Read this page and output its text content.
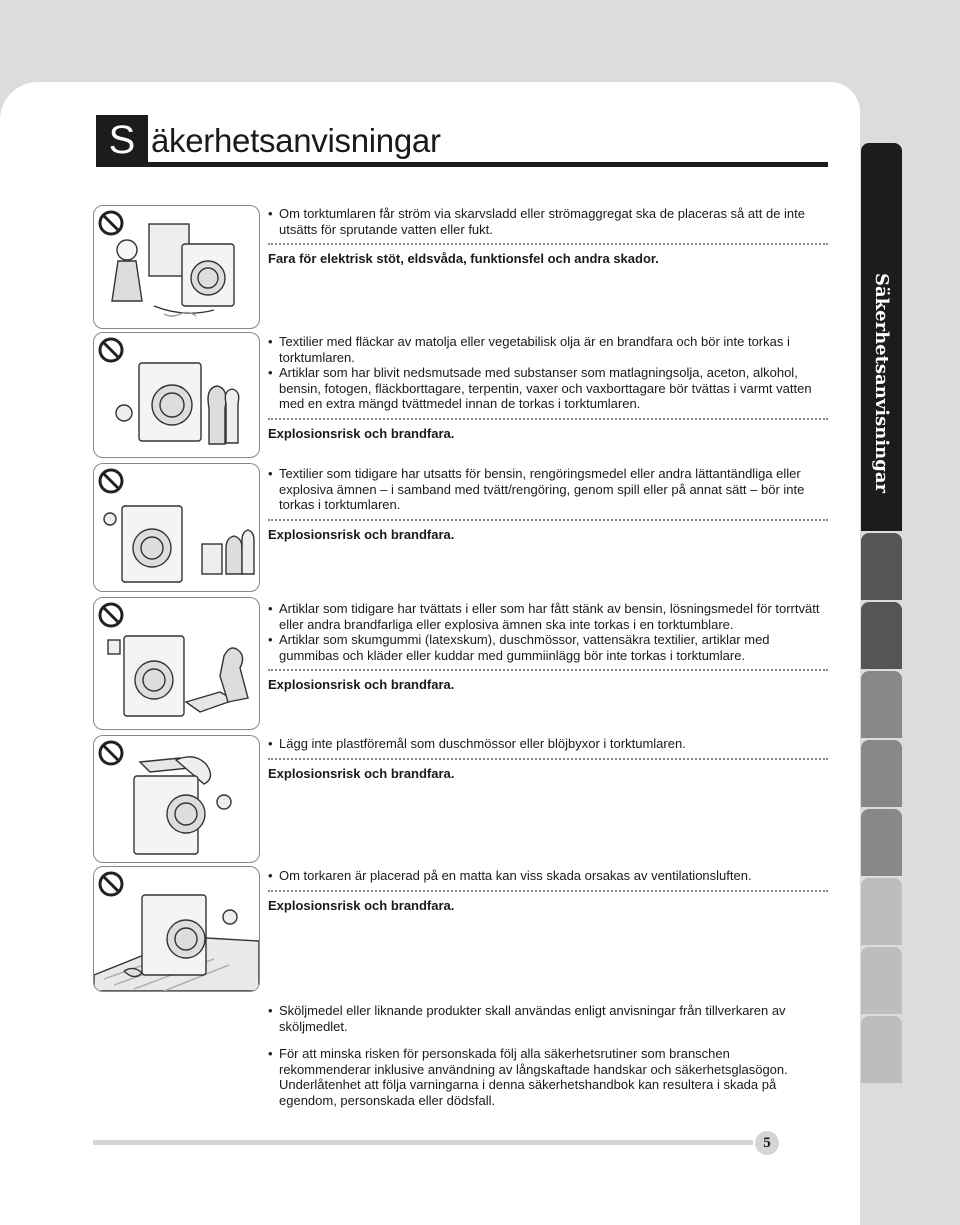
S äkerhetsanvisningar

• Om torktumlaren får ström via skarvsladd eller strömaggregat ska de placeras så att de inte utsätts för sprutande vatten eller fukt.

Fara för elektrisk stöt, eldsvåda, funktionsfel och andra skador.

• Textilier med fläckar av matolja eller vegetabilisk olja är en brandfara och bör inte torkas i torktumlaren.

• Artiklar som har blivit nedsmutsade med substanser som matlagningsolja, aceton, alkohol, bensin, fotogen, fläckborttagare, terpentin, vaxer och vaxborttagare bör tvättas i varmt vatten med en extra mängd tvättmedel innan de torkas i torktumlaren.

Explosionsrisk och brandfara.

• Textilier som tidigare har utsatts för bensin, rengöringsmedel eller andra lättantändliga eller explosiva ämnen – i samband med tvätt/rengöring, genom spill eller på annat sätt – bör inte torkas i torktumlaren.

Explosionsrisk och brandfara.

• Artiklar som tidigare har tvättats i eller som har fått stänk av bensin, lösningsmedel för torrtvätt eller andra brandfarliga eller explosiva ämnen ska inte torkas i en torktumblare.

• Artiklar som skumgummi (latexskum), duschmössor, vattensäkra textilier, artiklar med gummibas och kläder eller kuddar med gummiinlägg bör inte torkas i torktumlare.

Explosionsrisk och brandfara.

• Lägg inte plastföremål som duschmössor eller blöjbyxor i torktumlaren.

Explosionsrisk och brandfara.

• Om torkaren är placerad på en matta kan viss skada orsakas av ventilationsluften.

Explosionsrisk och brandfara.

• Sköljmedel eller liknande produkter skall användas enligt anvisningar från tillverkaren av sköljmedlet.

• För att minska risken för personskada följ alla säkerhetsrutiner som branschen rekommenderar inklusive användning av långskaftade handskar och säkerhetsglasögon. Underlåtenhet att följa varningarna i denna säkerhetshandbok kan resultera i skada på egendom, personskada eller dödsfall.

Säkerhetsanvisningar
5
